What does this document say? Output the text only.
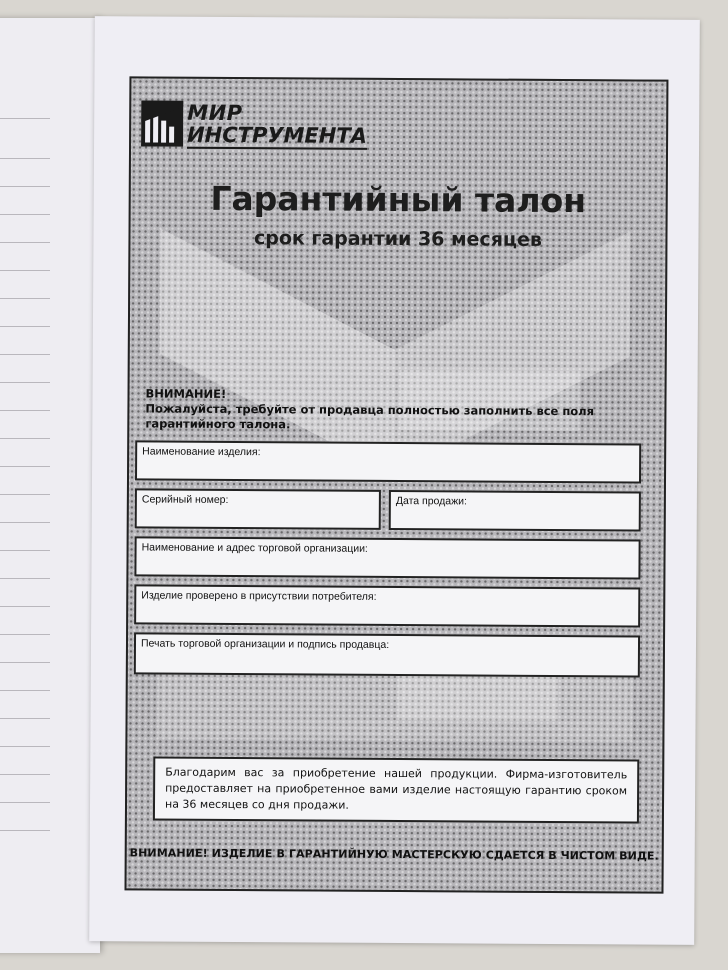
МИР
ИНСТРУМЕНТА
Гарантийный талон
срок гарантии 36 месяцев
ВНИМАНИЕ!
Пожалуйста, требуйте от продавца полностью заполнить все поля
гарантийного талона.
Наименование изделия:
Серийный номер:	Дата продажи:
Наименование и адрес торговой организации:
Изделие проверено в присутствии потребителя:
Печать торговой организации и подпись продавца:
Благодарим вас за приобретение нашей продукции. Фирма-изготовитель предоставляет на приобретенное вами изделие настоящую гарантию сроком на 36 месяцев со дня продажи.
ВНИМАНИЕ! ИЗДЕЛИЕ В ГАРАНТИЙНУЮ МАСТЕРСКУЮ СДАЕТСЯ В ЧИСТОМ ВИДЕ.
